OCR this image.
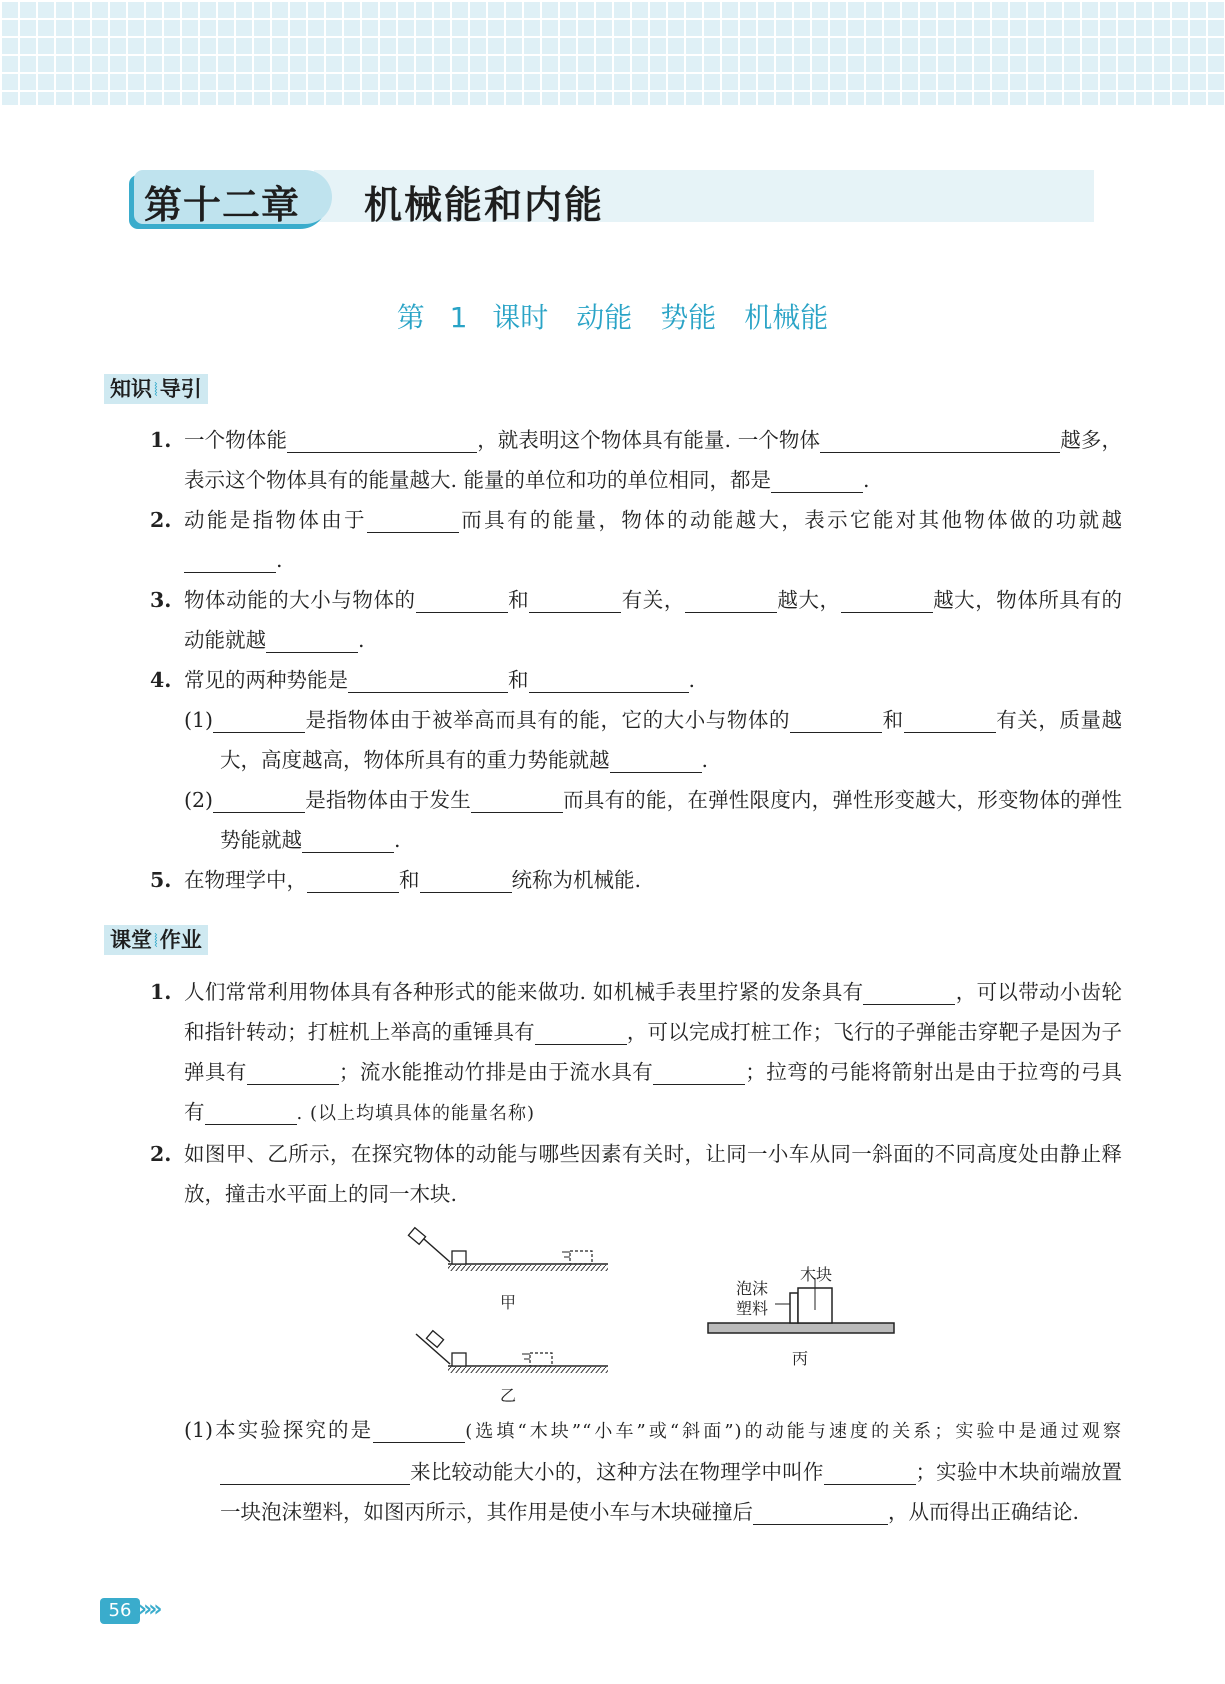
第十二章 机械能和内能
第 1 课时　动能　势能　机械能
知识 ⦚导引
1. 一个物体能	，就表明这个物体具有能量. 一个物体	越多，表示这个物体具有的能量越大. 能量的单位和功的单位相同，都是	.
2. 动能是指物体由于	而具有的能量，物体的动能越大，表示它能对其他物体做的功就越.
3. 物体动能的大小与物体的	和	有关，	越大，	越大，物体所具有的动能就越	.
4. 常见的两种势能是	和	.
(1)	是指物体由于被举高而具有的能，它的大小与物体的	和	有关，质量越大，高度越高，物体所具有的重力势能就越	.
(2)	是指物体由于发生	而具有的能，在弹性限度内，弹性形变越大，形变物体的弹性势能就越	.
5. 在物理学中，	和	统称为机械能.
课堂 ⦚作业
1. 人们常常利用物体具有各种形式的能来做功. 如机械手表里拧紧的发条具有	，可以带动小齿轮和指针转动；打桩机上举高的重锤具有	，可以完成打桩工作；飞行的子弹能击穿靶子是因为子弹具有	；流水能推动竹排是由于流水具有	；拉弯的弓能将箭射出是由于拉弯的弓具有	. (以上均填具体的能量名称)
2. 如图甲、乙所示，在探究物体的动能与哪些因素有关时，让同一小车从同一斜面的不同高度处由静止释放，撞击水平面上的同一木块.
甲
乙
丙
泡沫
塑料
木块
(1)本实验探究的是	(选填“木块”“小车”或“斜面”)的动能与速度的关系；实验中是通过观察来比较动能大小的，这种方法在物理学中叫作	；实验中木块前端放置一块泡沫塑料，如图丙所示，其作用是使小车与木块碰撞后	，从而得出正确结论.
56 »»
